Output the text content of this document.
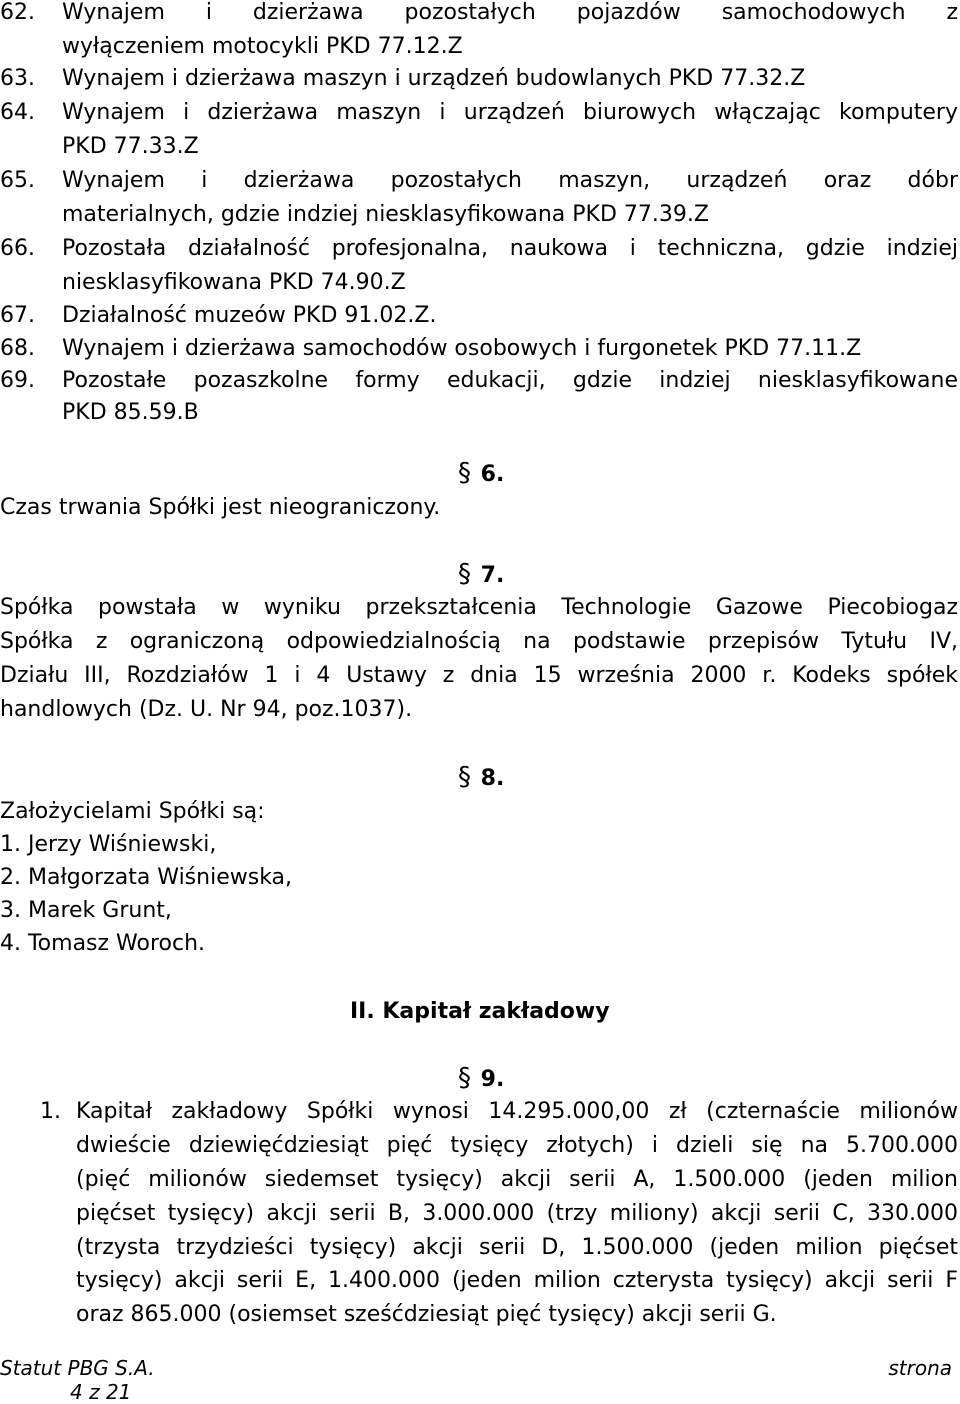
62.	Wynajem i dzierżawa pozostałych pojazdów samochodowych z
wyłączeniem motocykli PKD 77.12.Z
63.	Wynajem i dzierżawa maszyn i urządzeń budowlanych PKD 77.32.Z
64.	Wynajem i dzierżawa maszyn i urządzeń biurowych włączając komputery
PKD 77.33.Z
65.	Wynajem i dzierżawa pozostałych maszyn, urządzeń oraz dóbr
materialnych, gdzie indziej niesklasyfikowana PKD 77.39.Z
66.	Pozostała działalność profesjonalna, naukowa i techniczna, gdzie indziej
niesklasyfikowana PKD 74.90.Z
67.	Działalność muzeów PKD 91.02.Z.
68.	Wynajem i dzierżawa samochodów osobowych i furgonetek PKD 77.11.Z
69.	Pozostałe pozaszkolne formy edukacji, gdzie indziej niesklasyfikowane
PKD 85.59.B
§ 6.
Czas trwania Spółki jest nieograniczony.
§ 7.
Spółka powstała w wyniku przekształcenia Technologie Gazowe Piecobiogaz
Spółka z ograniczoną odpowiedzialnością na podstawie przepisów Tytułu IV,
Działu III, Rozdziałów 1 i 4 Ustawy z dnia 15 września 2000 r. Kodeks spółek
handlowych (Dz. U. Nr 94, poz.1037).
§ 8.
Założycielami Spółki są:
1. Jerzy Wiśniewski,
2. Małgorzata Wiśniewska,
3. Marek Grunt,
4. Tomasz Woroch.
II. Kapitał zakładowy
§ 9.
1. Kapitał zakładowy Spółki wynosi 14.295.000,00 zł (czternaście milionów
dwieście dziewięćdziesiąt pięć tysięcy złotych) i dzieli się na 5.700.000
(pięć milionów siedemset tysięcy) akcji serii A, 1.500.000 (jeden milion
pięćset tysięcy) akcji serii B, 3.000.000 (trzy miliony) akcji serii C, 330.000
(trzysta trzydzieści tysięcy) akcji serii D, 1.500.000 (jeden milion pięćset
tysięcy) akcji serii E, 1.400.000 (jeden milion czterysta tysięcy) akcji serii F
oraz 865.000 (osiemset sześćdziesiąt pięć tysięcy) akcji serii G.
Statut PBG S.A.	strona
4 z 21
